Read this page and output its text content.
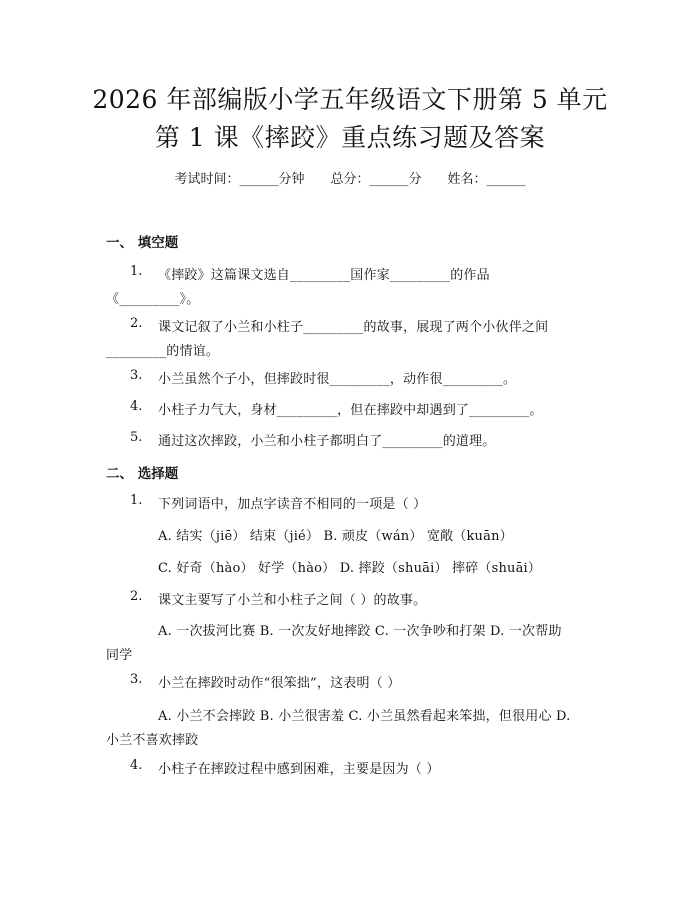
2026 年部编版小学五年级语文下册第 5 单元
第 1 课《摔跤》重点练习题及答案
考试时间：______分钟 总分：______分 姓名：______
一、 填空题
1. 《摔跤》这篇课文选自_________国作家_________的作品
《_________》。
2. 课文记叙了小兰和小柱子_________的故事，展现了两个小伙伴之间
_________的情谊。
3. 小兰虽然个子小，但摔跤时很_________，动作很_________。
4. 小柱子力气大，身材_________，但在摔跤中却遇到了_________。
5. 通过这次摔跤，小兰和小柱子都明白了_________的道理。
二、 选择题
1. 下列词语中，加点字读音不相同的一项是（ ）
A. 结实（jiē） 结束（jié） B. 顽皮（wán） 宽敞（kuān）
C. 好奇（hào） 好学（hào） D. 摔跤（shuāi） 摔碎（shuāi）
2. 课文主要写了小兰和小柱子之间（ ）的故事。
A. 一次拔河比赛 B. 一次友好地摔跤 C. 一次争吵和打架 D. 一次帮助
同学
3. 小兰在摔跤时动作“很笨拙”，这表明（ ）
A. 小兰不会摔跤 B. 小兰很害羞 C. 小兰虽然看起来笨拙，但很用心 D.
小兰不喜欢摔跤
4. 小柱子在摔跤过程中感到困难，主要是因为（ ）
